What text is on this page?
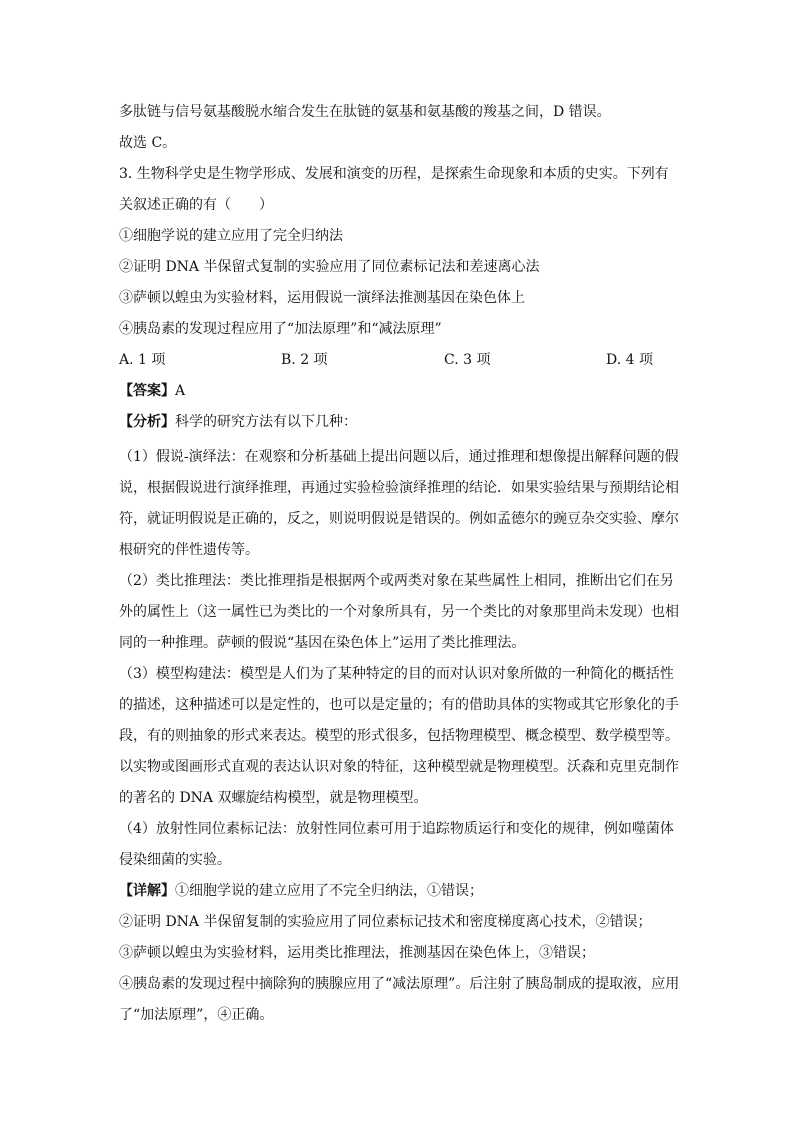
多肽链与信号氨基酸脱水缩合发生在肽链的氨基和氨基酸的羧基之间，D 错误。
故选 C。
3. 生物科学史是生物学形成、发展和演变的历程，是探索生命现象和本质的史实。下列有
关叙述正确的有（　　）
①细胞学说的建立应用了完全归纳法
②证明 DNA 半保留式复制的实验应用了同位素标记法和差速离心法
③萨顿以蝗虫为实验材料，运用假说一演绎法推测基因在染色体上
④胰岛素的发现过程应用了“加法原理”和“减法原理”
A. 1 项	B. 2 项	C. 3 项	D. 4 项
【答案】A
【分析】科学的研究方法有以下几种：
（1）假说-演绎法：在观察和分析基础上提出问题以后，通过推理和想像提出解释问题的假
说，根据假说进行演绎推理，再通过实验检验演绎推理的结论．如果实验结果与预期结论相
符，就证明假说是正确的，反之，则说明假说是错误的。例如孟德尔的豌豆杂交实验、摩尔
根研究的伴性遗传等。
（2）类比推理法：类比推理指是根据两个或两类对象在某些属性上相同，推断出它们在另
外的属性上（这一属性已为类比的一个对象所具有，另一个类比的对象那里尚未发现）也相
同的一种推理。萨顿的假说“基因在染色体上”运用了类比推理法。
（3）模型构建法：模型是人们为了某种特定的目的而对认识对象所做的一种简化的概括性
的描述，这种描述可以是定性的，也可以是定量的；有的借助具体的实物或其它形象化的手
段，有的则抽象的形式来表达。模型的形式很多，包括物理模型、概念模型、数学模型等。
以实物或图画形式直观的表达认识对象的特征，这种模型就是物理模型。沃森和克里克制作
的著名的 DNA 双螺旋结构模型，就是物理模型。
（4）放射性同位素标记法：放射性同位素可用于追踪物质运行和变化的规律，例如噬菌体
侵染细菌的实验。
【详解】①细胞学说的建立应用了不完全归纳法，①错误；
②证明 DNA 半保留复制的实验应用了同位素标记技术和密度梯度离心技术，②错误；
③萨顿以蝗虫为实验材料，运用类比推理法，推测基因在染色体上，③错误；
④胰岛素的发现过程中摘除狗的胰腺应用了“减法原理”。后注射了胰岛制成的提取液，应用
了“加法原理”，④正确。
